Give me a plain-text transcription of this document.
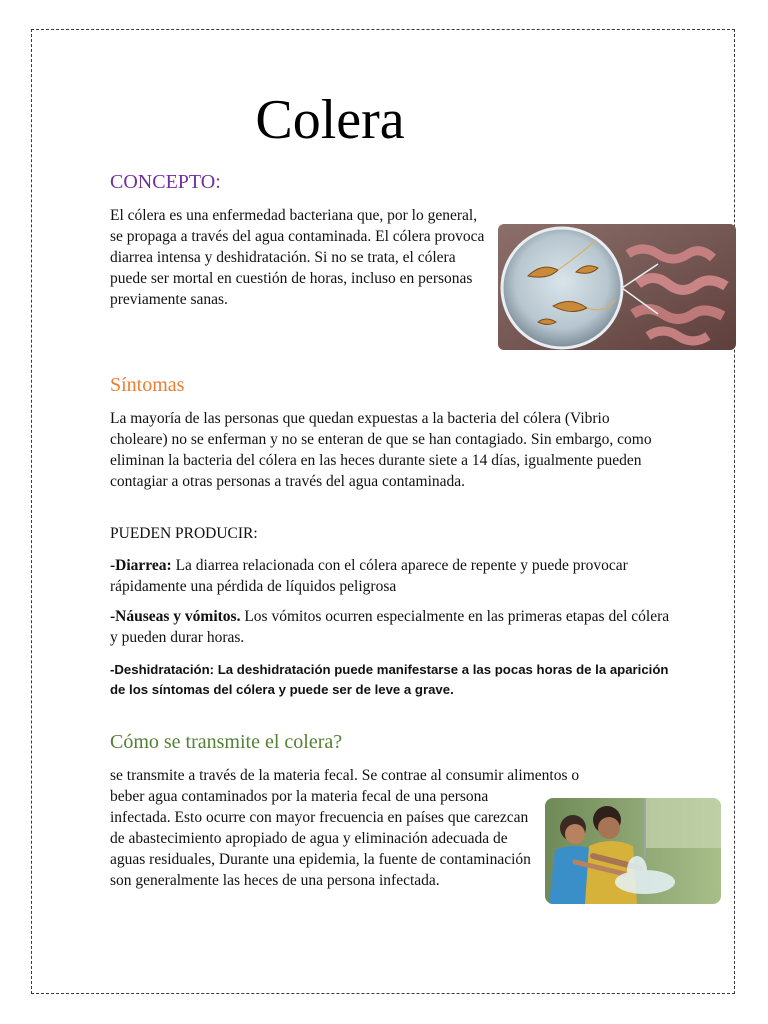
Colera
CONCEPTO:

El cólera es una enfermedad bacteriana que, por lo general, se propaga a través del agua contaminada. El cólera provoca diarrea intensa y deshidratación. Si no se trata, el cólera puede ser mortal en cuestión de horas, incluso en personas previamente sanas.

Síntomas

La mayoría de las personas que quedan expuestas a la bacteria del cólera (Vibrio choleare) no se enferman y no se enteran de que se han contagiado. Sin embargo, como eliminan la bacteria del cólera en las heces durante siete a 14 días, igualmente pueden contagiar a otras personas a través del agua contaminada.

PUEDEN PRODUCIR:

-Diarrea: La diarrea relacionada con el cólera aparece de repente y puede provocar rápidamente una pérdida de líquidos peligrosa

-Náuseas y vómitos. Los vómitos ocurren especialmente en las primeras etapas del cólera y pueden durar horas.

-Deshidratación: La deshidratación puede manifestarse a las pocas horas de la aparición de los síntomas del cólera y puede ser de leve a grave.

Cómo se transmite el colera?

se transmite a través de la materia fecal. Se contrae al consumir alimentos o

beber agua contaminados por la materia fecal de una persona infectada. Esto ocurre con mayor frecuencia en países que carezcan de abastecimiento apropiado de agua y eliminación adecuada de aguas residuales, Durante una epidemia, la fuente de contaminación son generalmente las heces de una persona infectada.
